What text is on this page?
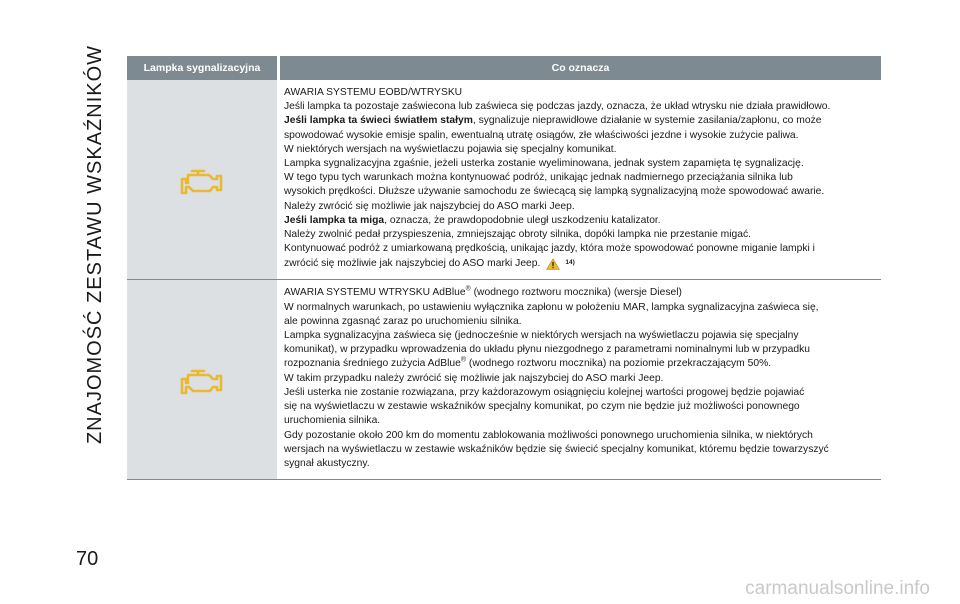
ZNAJOMOŚĆ ZESTAWU WSKAŹNIKÓW	Lampka sygnalizacyjna	Co oznacza

AWARIA SYSTEMU EOBD/WTRYSKU

Jeśli lampka ta pozostaje zaświecona lub zaświeca się podczas jazdy, oznacza, że układ wtrysku nie działa prawidłowo.

Jeśli lampka ta świeci światłem stałym, sygnalizuje nieprawidłowe działanie w systemie zasilania/zapłonu, co może

spowodować wysokie emisje spalin, ewentualną utratę osiągów, złe właściwości jezdne i wysokie zużycie paliwa.

W niektórych wersjach na wyświetlaczu pojawia się specjalny komunikat.

Lampka sygnalizacyjna zgaśnie, jeżeli usterka zostanie wyeliminowana, jednak system zapamięta tę sygnalizację.

W tego typu tych warunkach można kontynuować podróż, unikając jednak nadmiernego przeciążania silnika lub

wysokich prędkości. Dłuższe używanie samochodu ze świecącą się lampką sygnalizacyjną może spowodować awarie.

Należy zwrócić się możliwie jak najszybciej do ASO marki Jeep.

Jeśli lampka ta miga, oznacza, że prawdopodobnie uległ uszkodzeniu katalizator.

Należy zwolnić pedał przyspieszenia, zmniejszając obroty silnika, dopóki lampka nie przestanie migać.

Kontynuować podróż z umiarkowaną prędkością, unikając jazdy, która może spowodować ponowne miganie lampki i

zwrócić się możliwie jak najszybciej do ASO marki Jeep.	14)

AWARIA SYSTEMU WTRYSKU AdBlue® (wodnego roztworu mocznika) (wersje Diesel)

W normalnych warunkach, po ustawieniu wyłącznika zapłonu w położeniu MAR, lampka sygnalizacyjna zaświeca się,

ale powinna zgasnąć zaraz po uruchomieniu silnika.

Lampka sygnalizacyjna zaświeca się (jednocześnie w niektórych wersjach na wyświetlaczu pojawia się specjalny

komunikat), w przypadku wprowadzenia do układu płynu niezgodnego z parametrami nominalnymi lub w przypadku

rozpoznania średniego zużycia AdBlue® (wodnego roztworu mocznika) na poziomie przekraczającym 50%.

W takim przypadku należy zwrócić się możliwie jak najszybciej do ASO marki Jeep.

Jeśli usterka nie zostanie rozwiązana, przy każdorazowym osiągnięciu kolejnej wartości progowej będzie pojawiać

się na wyświetlaczu w zestawie wskaźników specjalny komunikat, po czym nie będzie już możliwości ponownego

uruchomienia silnika.

Gdy pozostanie około 200 km do momentu zablokowania możliwości ponownego uruchomienia silnika, w niektórych

wersjach na wyświetlaczu w zestawie wskaźników będzie się świecić specjalny komunikat, któremu będzie towarzyszyć

sygnał akustyczny.

70
carmanualsonline.info
